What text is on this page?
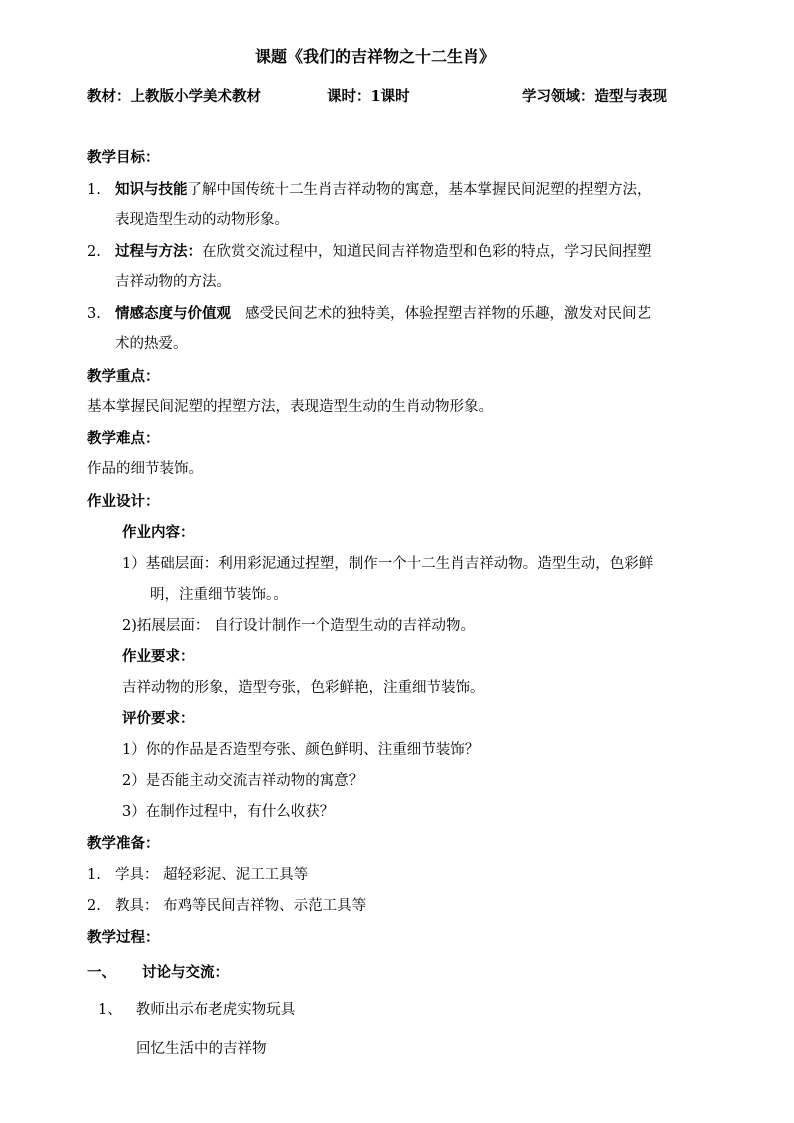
课题《我们的吉祥物之十二生肖》
教材：上教版小学美术教材	课时：1课时	学习领域：造型与表现
教学目标：
1. 知识与技能了解中国传统十二生肖吉祥动物的寓意，基本掌握民间泥塑的捏塑方法，
表现造型生动的动物形象。
2. 过程与方法：在欣赏交流过程中，知道民间吉祥物造型和色彩的特点，学习民间捏塑
吉祥动物的方法。
3. 情感态度与价值观 感受民间艺术的独特美，体验捏塑吉祥物的乐趣，激发对民间艺
术的热爱。
教学重点：
基本掌握民间泥塑的捏塑方法，表现造型生动的生肖动物形象。
教学难点：
作品的细节装饰。
作业设计：
作业内容：
1）基础层面：利用彩泥通过捏塑，制作一个十二生肖吉祥动物。造型生动，色彩鲜
明，注重细节装饰。。
2)拓展层面： 自行设计制作一个造型生动的吉祥动物。
作业要求：
吉祥动物的形象，造型夸张，色彩鲜艳，注重细节装饰。
评价要求：
1）你的作品是否造型夸张、颜色鲜明、注重细节装饰？
2）是否能主动交流吉祥动物的寓意？
3）在制作过程中，有什么收获？
教学准备：
1. 学具： 超轻彩泥、泥工工具等
2. 教具： 布鸡等民间吉祥物、示范工具等
教学过程：
一、 讨论与交流：
1、 教师出示布老虎实物玩具
回忆生活中的吉祥物
